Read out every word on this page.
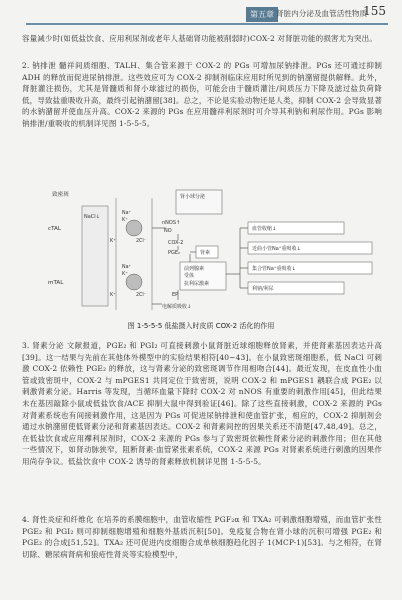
第五章 肾脏内分泌及血管活性物质
155
容量减少时(如低盐饮食、应用利尿剂或老年人基础肾功能被削弱时)COX-2 对肾脏功能的损害尤为突出。
2. 钠排泄 髓祥间质细胞、TALH、集合管来源于 COX-2 的 PGs 可增加尿钠排泄。PGs 还可通过抑制 ADH 的释放而促进尿钠排泄。这些效应可为 COX-2 抑制剂临床应用时所见到的钠潴留提供解释。此外，肾脏灌注损伤，尤其是肾髓质和肾小球滤过的损伤，可能会由于髓质灌注/间质压力下降及滤过盐负荷降低，导致盐重吸收升高，最终引起钠潴留[38]。总之，不论是实验动物还是人类，抑制 COX-2 会导致显著的水钠潴留并使血压升高。COX-2 来源的 PGs 在应用髓祥利尿剂时可介导其利钠和利尿作用。PGs 影响钠排泄/重吸收的机制详见图 1-5-5-5。
致密斑
cTAL
mTAL
NaCl↓
Na⁺
K⁺
2Cl⁻
K⁺
Na⁺
K⁺
2Cl⁻
K⁺
肾小球分泌
nNOS↑
NO
COX-2
PGE₂	肾素
前列腺素
受体
抗利尿激素
EP
电解质吸收↓
血管收缩↓
近曲小管Na⁺重吸收↓
集合管Na⁺重吸收↓
利钠/利尿
图 1-5-5-5 低盐摄入时皮质 COX-2 活化的作用
3. 肾素分泌 文献报道，PGE₂ 和 PGI₂ 可直接刺激小鼠肾脏近球细胞释放肾素，并使肾素基因表达升高[39]。这一结果与先前在其他体外模型中的实验结果相符[40~43]。在小鼠致密斑细胞系，低 NaCl 可刺激 COX-2 依赖性 PGE₂ 的释放，这与肾素分泌的致密斑调节作用相吻合[44]。最近发现，在皮血性小血管或致密斑中，COX-2 与 mPGES1 共同定位于致密斑，说明 COX-2 和 mPGES1 耦联合成 PGE₂ 以刺激肾素分泌。Harris 等发现，当循环血量下降时 COX-2 对 nNOS 有重要的刺激作用[45]，但此结果未在基因敲除小鼠或低盐饮食/ACE 抑制大鼠中得到验证[46]。除了这些直接刺激，COX-2 来源的 PGs 对肾素系统也有间接刺激作用，这是因为 PGs 可促进尿钠排泄和使血管扩张，相应的，COX-2 抑制剂会通过水钠潴留使低肾素分泌和肾素基因表达。COX-2 和肾素间控的因果关系还不清楚[47,48,49]。总之，在低盐饮食或应用襻利尿剂时，COX-2 来源的 PGs 参与了致密斑依赖性肾素分泌的刺激作用；但在其他一些情况下，如肾动脉狭窄，阻断肾素-血管紧张素系统，COX-2 来源 PGs 对肾素系统进行刺激的因果作用尚存争议。低盐饮食中 COX-2 诱导的肾素释放机制详见图 1-5-5-5。
4. 肾性炎症和纤维化 在培养的系膜细胞中，血管收缩性 PGF₂α 和 TXA₂ 可刺激细胞增殖，而血管扩张性 PGE₂ 和 PGI₂ 则可抑制细胞增殖和细胞外基质沉积[50]。免疫复合物在肾小球的沉积可增强 PGE₂ 和 PGE₂ 的合成[51,52]。TXA₂ 还可促进内皮细胞合成单核细胞趋化因子 1(MCP-1)[53]。与之相符，在肾切除、糖尿病肾病和狼疮性肾炎等实验模型中，
